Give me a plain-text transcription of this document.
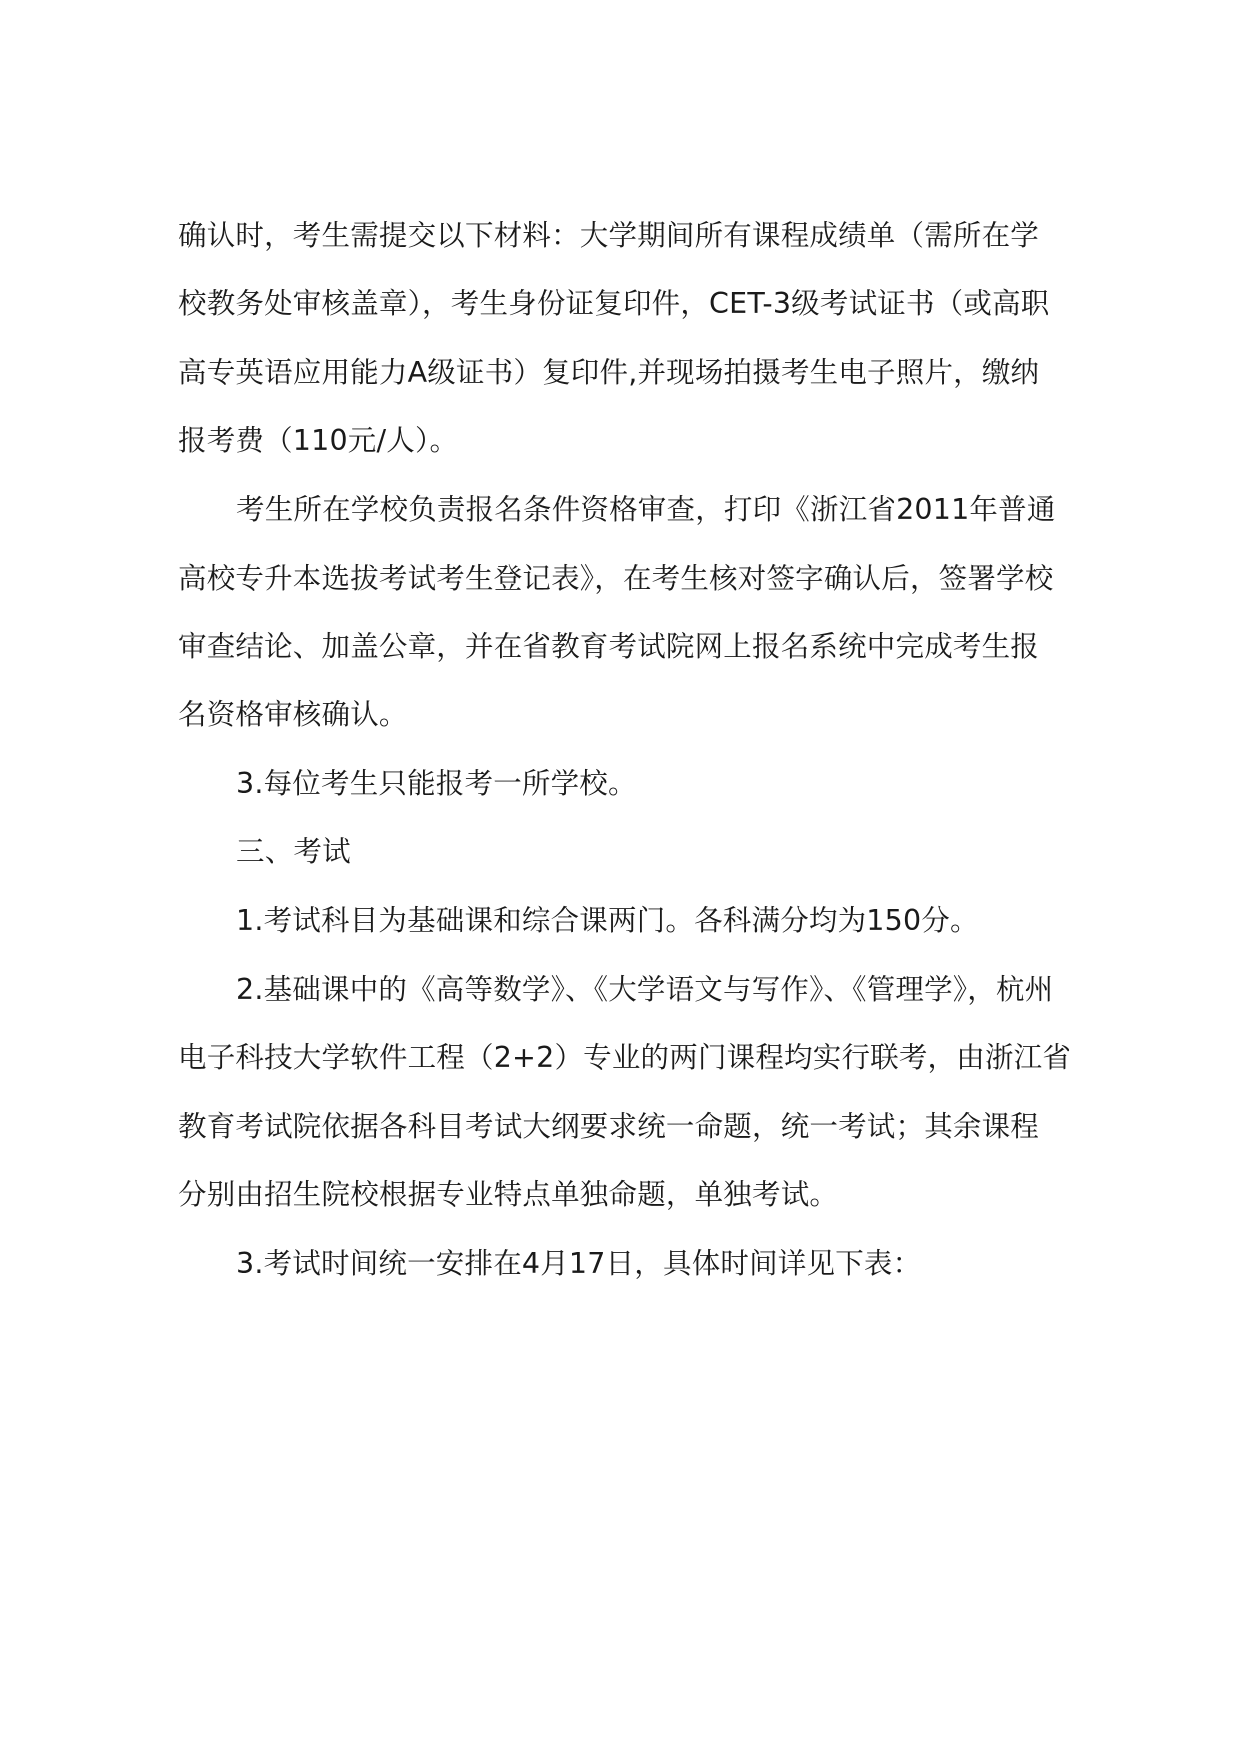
确认时，考生需提交以下材料：大学期间所有课程成绩单（需所在学
校教务处审核盖章），考生身份证复印件，CET-3级考试证书（或高职
高专英语应用能力A级证书）复印件,并现场拍摄考生电子照片，缴纳
报考费（110元/人）。
考生所在学校负责报名条件资格审查，打印《浙江省2011年普通
高校专升本选拔考试考生登记表》，在考生核对签字确认后，签署学校
审查结论、加盖公章，并在省教育考试院网上报名系统中完成考生报
名资格审核确认。
3.每位考生只能报考一所学校。
三、考试
1.考试科目为基础课和综合课两门。各科满分均为150分。
2.基础课中的《高等数学》、《大学语文与写作》、《管理学》，杭州
电子科技大学软件工程（2+2）专业的两门课程均实行联考，由浙江省
教育考试院依据各科目考试大纲要求统一命题，统一考试；其余课程
分别由招生院校根据专业特点单独命题，单独考试。
3.考试时间统一安排在4月17日，具体时间详见下表：
